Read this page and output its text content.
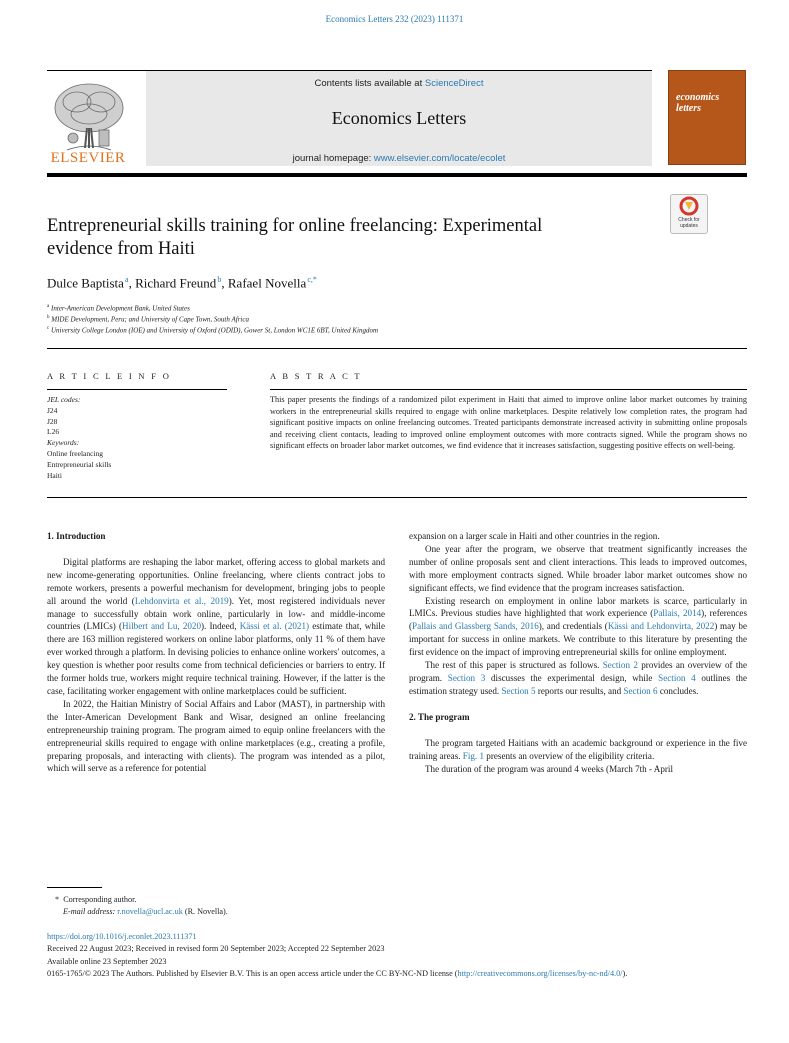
Economics Letters 232 (2023) 111371
ELSEVIER
Contents lists available at ScienceDirect
Economics Letters
journal homepage: www.elsevier.com/locate/ecolet
economics
letters
Entrepreneurial skills training for online freelancing: Experimental
evidence from Haiti
Check for
updates
Dulce Baptista $^a$, Richard Freund $^b$, Rafael Novella $^{c,*}$
$^a$ Inter-American Development Bank, United States
$^b$ MIDE Development, Peru; and University of Cape Town, South Africa
$^c$ University College London (IOE) and University of Oxford (ODID), Gower St, London WC1E 6BT, United Kingdom
A R T I C L E I N F O	A B S T R A C T
JEL codes:
J24
J28
L26
Keywords:
Online freelancing
Entrepreneurial skills
Haiti
This paper presents the findings of a randomized pilot experiment in Haiti that aimed to improve online labor market outcomes by training workers in the entrepreneurial skills required to engage with online marketplaces. Despite relatively low completion rates, the program had significant positive impacts on online freelancing outcomes. Treated participants demonstrate increased activity in submitting online proposals and receiving client contacts, leading to improved online employment outcomes with more contracts signed. While the program shows no significant effects on broader labor market outcomes, we find evidence that it increases satisfaction, suggesting positive effects on well-being.
1. Introduction

Digital platforms are reshaping the labor market, offering access to global markets and new income-generating opportunities. Online freelancing, where clients contract jobs to remote workers, presents a powerful mechanism for development, bringing jobs to people all around the world (Lehdonvirta et al., 2019). Yet, most registered individuals never manage to successfully obtain work online, particularly in low- and middle-income countries (LMICs) (Hilbert and Lu, 2020). Indeed, Kässi et al. (2021) estimate that, while there are 163 million registered workers on online labor platforms, only 11 % of them have ever worked through a platform. In devising policies to enhance online workers' outcomes, a key question is whether poor results come from technical deficiencies or barriers to entry. If the former holds true, workers might require technical training. However, if the latter is the case, facilitating worker engagement with online marketplaces could be sufficient.

In 2022, the Haitian Ministry of Social Affairs and Labor (MAST), in partnership with the Inter-American Development Bank and Wisar, designed an online freelancing entrepreneurship training program. The program aimed to equip online freelancers with the entrepreneurial skills required to engage with online marketplaces (e.g., creating a profile, preparing proposals, and interacting with clients). The program was intended as a pilot, which will serve as a reference for potential

expansion on a larger scale in Haiti and other countries in the region.

One year after the program, we observe that treatment significantly increases the number of online proposals sent and client interactions. This leads to improved outcomes, with more employment contracts signed. While broader labor market outcomes show no significant effects, we find evidence that the program increases satisfaction.

Existing research on employment in online labor markets is scarce, particularly in LMICs. Previous studies have highlighted that work experience (Pallais, 2014), references (Pallais and Glassberg Sands, 2016), and credentials (Kässi and Lehdonvirta, 2022) may be important for success in online markets. We contribute to this literature by presenting the first evidence on the impact of improving entrepreneurial skills for online employment.

The rest of this paper is structured as follows. Section 2 provides an overview of the program. Section 3 discusses the experimental design, while Section 4 outlines the estimation strategy used. Section 5 reports our results, and Section 6 concludes.

2. The program

The program targeted Haitians with an academic background or experience in the five training areas. Fig. 1 presents an overview of the eligibility criteria.

The duration of the program was around 4 weeks (March 7th - April

* Corresponding author.
E-mail address: r.novella@ucl.ac.uk (R. Novella).
https://doi.org/10.1016/j.econlet.2023.111371
Received 22 August 2023; Received in revised form 20 September 2023; Accepted 22 September 2023
Available online 23 September 2023
0165-1765/© 2023 The Authors. Published by Elsevier B.V. This is an open access article under the CC BY-NC-ND license (http://creativecommons.org/licenses/by-nc-nd/4.0/).
